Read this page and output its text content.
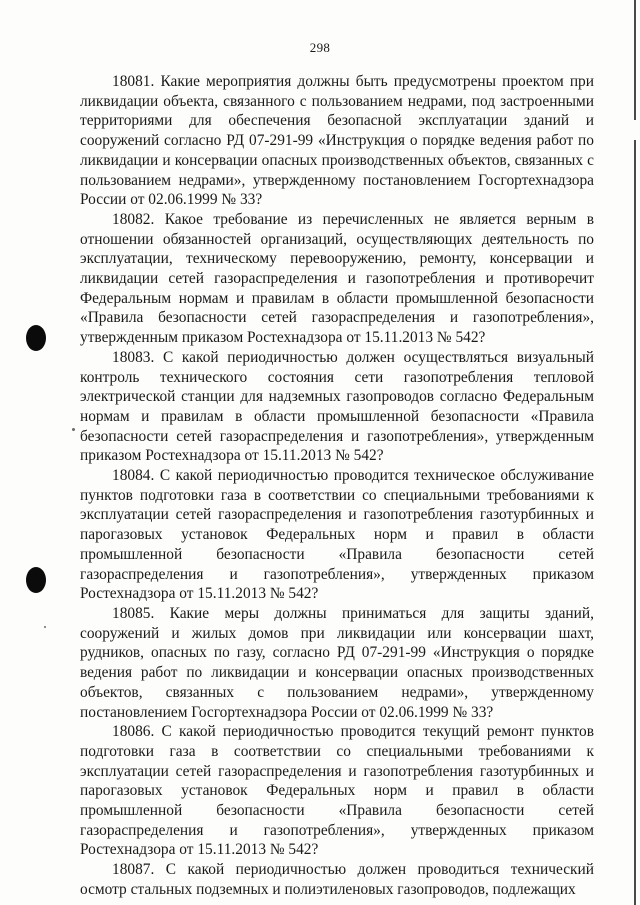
298

18081. Какие мероприятия должны быть предусмотрены проектом при ликвидации объекта, связанного с пользованием недрами, под застроенными территориями для обеспечения безопасной эксплуатации зданий и сооружений согласно РД 07-291-99 «Инструкция о порядке ведения работ по ликвидации и консервации опасных производственных объектов, связанных с пользованием недрами», утвержденному постановлением Госгортехнадзора России от 02.06.1999 № 33?

18082. Какое требование из перечисленных не является верным в отношении обязанностей организаций, осуществляющих деятельность по эксплуатации, техническому перевооружению, ремонту, консервации и ликвидации сетей газораспределения и газопотребления и противоречит Федеральным нормам и правилам в области промышленной безопасности «Правила безопасности сетей газораспределения и газопотребления», утвержденным приказом Ростехнадзора от 15.11.2013 № 542?

18083. С какой периодичностью должен осуществляться визуальный контроль технического состояния сети газопотребления тепловой электрической станции для надземных газопроводов согласно Федеральным нормам и правилам в области промышленной безопасности «Правила безопасности сетей газораспределения и газопотребления», утвержденным приказом Ростехнадзора от 15.11.2013 № 542?

18084. С какой периодичностью проводится техническое обслуживание пунктов подготовки газа в соответствии со специальными требованиями к эксплуатации сетей газораспределения и газопотребления газотурбинных и парогазовых установок Федеральных норм и правил в области промышленной безопасности «Правила безопасности сетей газораспределения и газопотребления», утвержденных приказом Ростехнадзора от 15.11.2013 № 542?

18085. Какие меры должны приниматься для защиты зданий, сооружений и жилых домов при ликвидации или консервации шахт, рудников, опасных по газу, согласно РД 07-291-99 «Инструкция о порядке ведения работ по ликвидации и консервации опасных производственных объектов, связанных с пользованием недрами», утвержденному постановлением Госгортехнадзора России от 02.06.1999 № 33?

18086. С какой периодичностью проводится текущий ремонт пунктов подготовки газа в соответствии со специальными требованиями к эксплуатации сетей газораспределения и газопотребления газотурбинных и парогазовых установок Федеральных норм и правил в области промышленной безопасности «Правила безопасности сетей газораспределения и газопотребления», утвержденных приказом Ростехнадзора от 15.11.2013 № 542?

18087. С какой периодичностью должен проводиться технический осмотр стальных подземных и полиэтиленовых газопроводов, подлежащих
